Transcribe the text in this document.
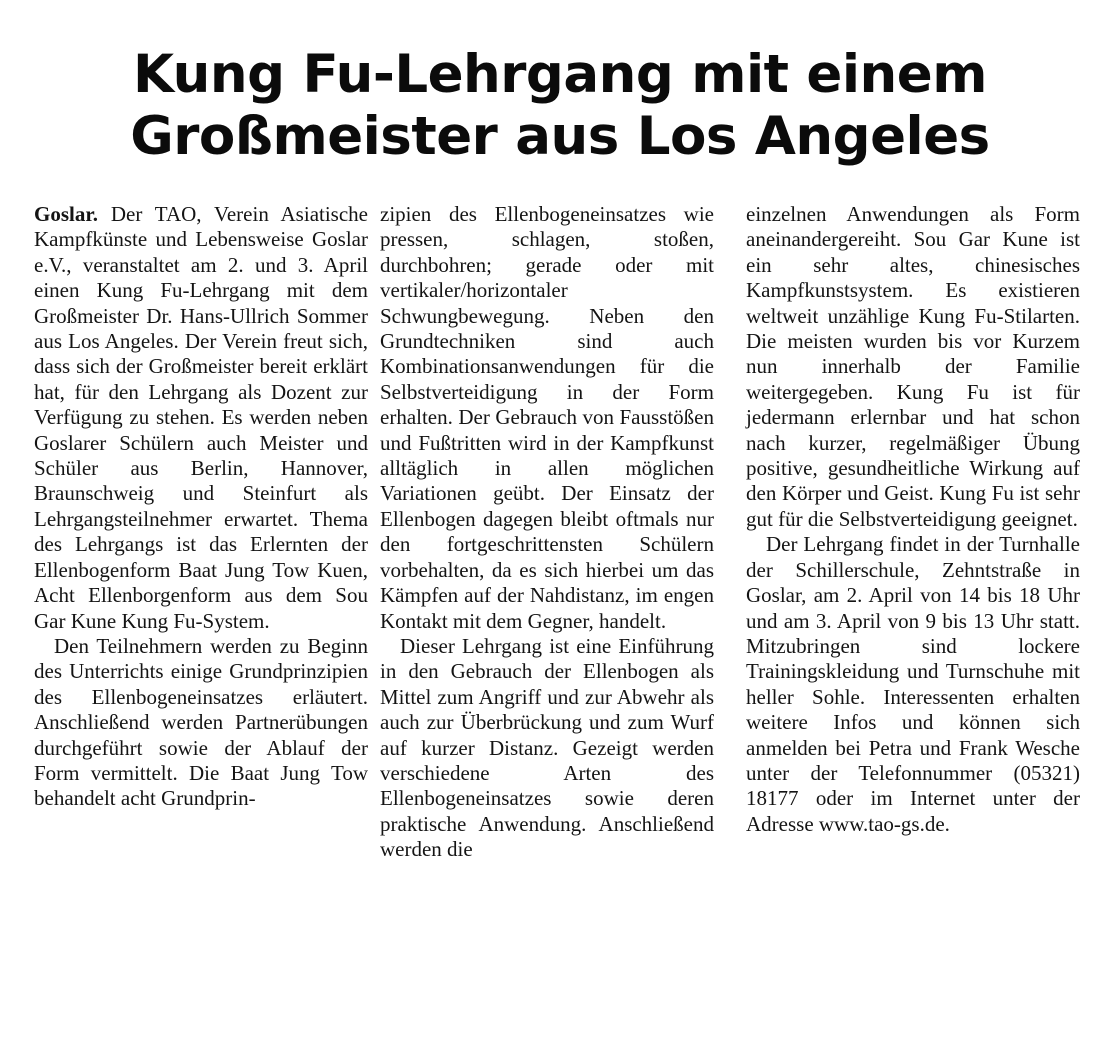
Kung Fu-Lehrgang mit einem
Großmeister aus Los Angeles

Goslar. Der TAO, Verein Asiatische Kampfkünste und Lebensweise Goslar e.V., veranstaltet am 2. und 3. April einen Kung Fu-Lehrgang mit dem Großmeister Dr. Hans-Ullrich Sommer aus Los Angeles. Der Verein freut sich, dass sich der Großmeister bereit erklärt hat, für den Lehrgang als Dozent zur Verfügung zu stehen. Es werden neben Goslarer Schülern auch Meister und Schüler aus Berlin, Hannover, Braunschweig und Steinfurt als Lehrgangsteilnehmer erwartet. Thema des Lehrgangs ist das Erlernten der Ellenbogenform Baat Jung Tow Kuen, Acht Ellenborgenform aus dem Sou Gar Kune Kung Fu-System.

Den Teilnehmern werden zu Beginn des Unterrichts einige Grundprinzipien des Ellenbogeneinsatzes erläutert. Anschließend werden Partnerübungen durchgeführt sowie der Ablauf der Form vermittelt. Die Baat Jung Tow behandelt acht Grundprin-

zipien des Ellenbogeneinsatzes wie pressen, schlagen, stoßen, durchbohren; gerade oder mit vertikaler/horizontaler Schwungbewegung. Neben den Grundtechniken sind auch Kombinationsanwendungen für die Selbstverteidigung in der Form erhalten. Der Gebrauch von Fausstößen und Fußtritten wird in der Kampfkunst alltäglich in allen möglichen Variationen geübt. Der Einsatz der Ellenbogen dagegen bleibt oftmals nur den fortgeschrittensten Schülern vorbehalten, da es sich hierbei um das Kämpfen auf der Nahdistanz, im engen Kontakt mit dem Gegner, handelt.

Dieser Lehrgang ist eine Einführung in den Gebrauch der Ellenbogen als Mittel zum Angriff und zur Abwehr als auch zur Überbrückung und zum Wurf auf kurzer Distanz. Gezeigt werden verschiedene Arten des Ellenbogeneinsatzes sowie deren praktische Anwendung. Anschließend werden die

einzelnen Anwendungen als Form aneinandergereiht. Sou Gar Kune ist ein sehr altes, chinesisches Kampfkunstsystem. Es existieren weltweit unzählige Kung Fu-Stilarten. Die meisten wurden bis vor Kurzem nun innerhalb der Familie weitergegeben. Kung Fu ist für jedermann erlernbar und hat schon nach kurzer, regelmäßiger Übung positive, gesundheitliche Wirkung auf den Körper und Geist. Kung Fu ist sehr gut für die Selbstverteidigung geeignet.

Der Lehrgang findet in der Turnhalle der Schillerschule, Zehntstraße in Goslar, am 2. April von 14 bis 18 Uhr und am 3. April von 9 bis 13 Uhr statt. Mitzubringen sind lockere Trainingskleidung und Turnschuhe mit heller Sohle. Interessenten erhalten weitere Infos und können sich anmelden bei Petra und Frank Wesche unter der Telefonnummer (05321) 18177 oder im Internet unter der Adresse www.tao-gs.de.
